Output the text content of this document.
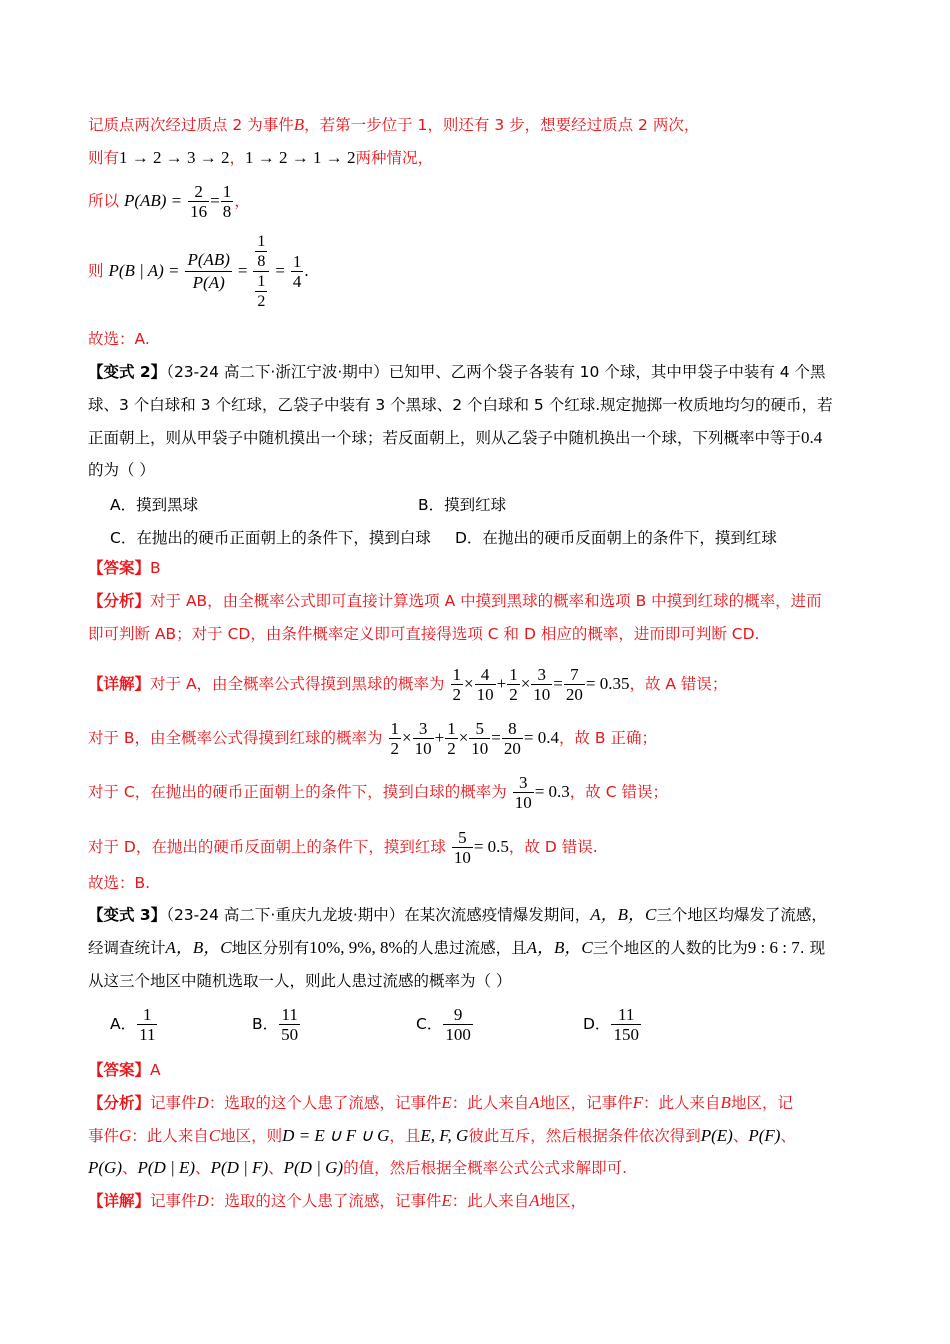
记质点两次经过质点 2 为事件B，若第一步位于 1，则还有 3 步，想要经过质点 2 两次，
则有1 → 2 → 3 → 2，1 → 2 → 1 → 2两种情况，
所以 $P(AB) = \frac{2}{16} = \frac{1}{8}$ ，
则 P(B | $A) = \frac{P(AB)}{P(A)} = \frac{\frac{1}{8}}{\frac{1}{2}} = \frac{1}{4}$ .
故选：A.
【变式 2】（23-24 高二下·浙江宁波·期中）已知甲、乙两个袋子各装有 10 个球，其中甲袋子中装有 4 个黑
球、3 个白球和 3 个红球，乙袋子中装有 3 个黑球、2 个白球和 5 个红球.规定抛掷一枚质地均匀的硬币，若
正面朝上，则从甲袋子中随机摸出一个球；若反面朝上，则从乙袋子中随机换出一个球，下列概率中等于0.4
的为（ ）
A．摸到黑球	B．摸到红球
C．在抛出的硬币正面朝上的条件下，摸到白球 D．在抛出的硬币反面朝上的条件下，摸到红球
【答案】B
【分析】对于 AB，由全概率公式即可直接计算选项 A 中摸到黑球的概率和选项 B 中摸到红球的概率，进而
即可判断 AB；对于 CD，由条件概率定义即可直接得选项 C 和 D 相应的概率，进而即可判断 CD.
【详解】对于 A，由全概率公式得摸到黑球的概率为 $\frac{1}{2} \times \frac{4}{10} + \frac{1}{2} \times \frac{3}{10} = \frac{7}{20} = 0.35$，故 A 错误；
对于 B，由全概率公式得摸到红球的概率为 $\frac{1}{2} \times \frac{3}{10} + \frac{1}{2} \times \frac{5}{10} = \frac{8}{20} = 0.4$，故 B 正确；
对于 C，在抛出的硬币正面朝上的条件下，摸到白球的概率为 $\frac{3}{10} = 0.3$，故 C 错误；
对于 D，在抛出的硬币反面朝上的条件下，摸到红球 $\frac{5}{10} = 0.5$，故 D 错误.
故选：B.
【变式 3】（23-24 高二下·重庆九龙坡·期中）在某次流感疫情爆发期间，A，B，C三个地区均爆发了流感，
经调查统计A，B，C地区分别有10%, 9%, 8%的人患过流感，且A，B，C三个地区的人数的比为9 : 6 : 7. 现
从这三个地区中随机选取一人，则此人患过流感的概率为（ ）
A． $\frac{1}{11}$	B． $\frac{11}{50}$	C． $\frac{9}{100}$	D． $\frac{11}{150}$
【答案】A
【分析】记事件D：选取的这个人患了流感，记事件E：此人来自A地区，记事件F：此人来自B地区，记
事件G：此人来自C地区，则D = E ∪ F ∪ G，且E, F, G彼此互斥，然后根据条件依次得到P(E)、P(F)、
P(G)、P(D | E)、P(D | F)、P(D | G)的值，然后根据全概率公式公式求解即可.
【详解】记事件D：选取的这个人患了流感，记事件E：此人来自A地区，
